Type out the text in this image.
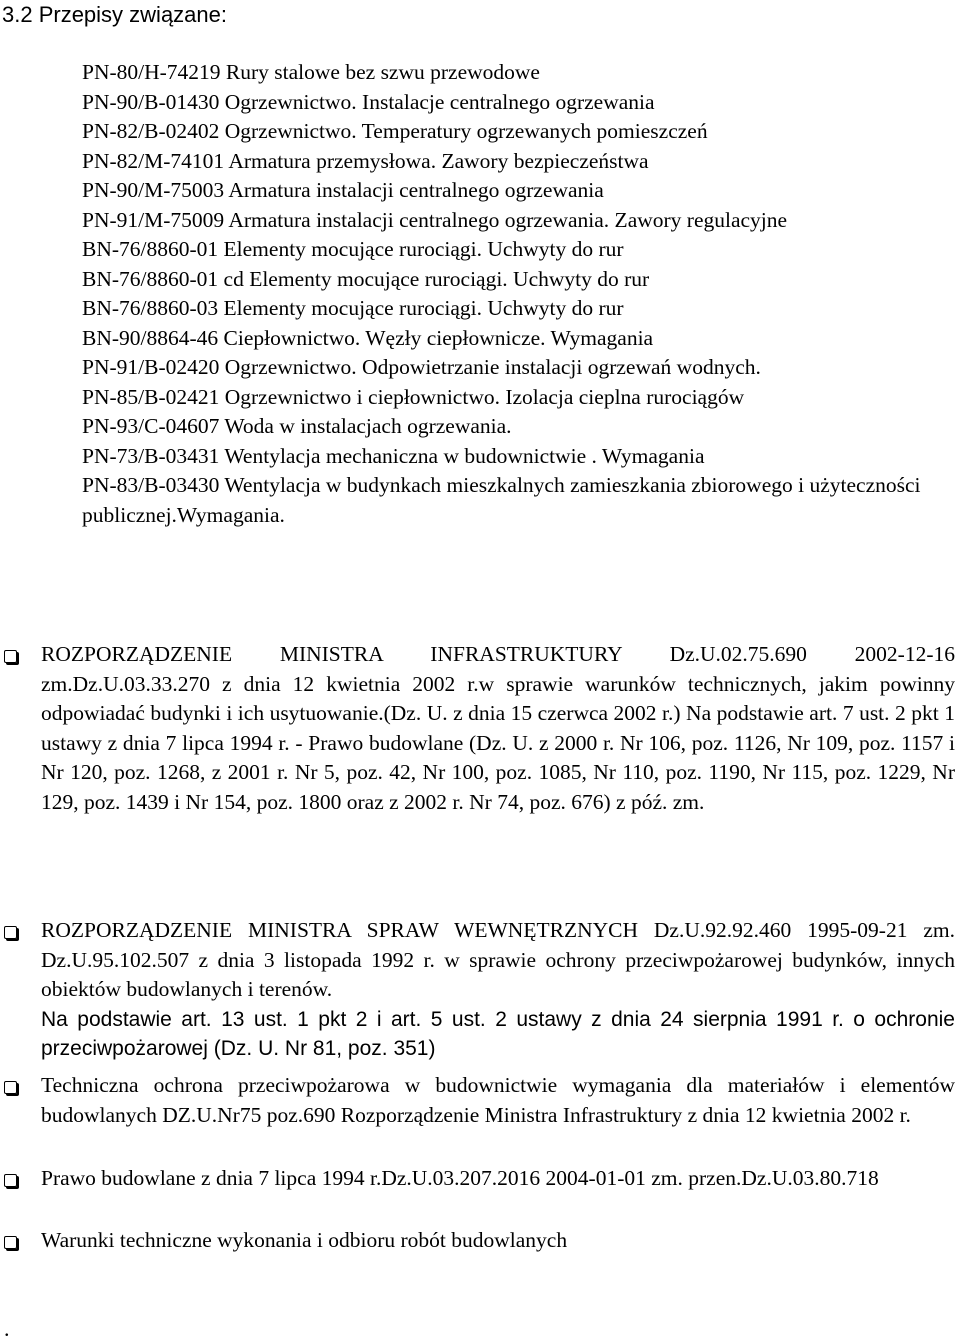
3.2 Przepisy związane:
PN-80/H-74219 Rury stalowe bez szwu przewodowe
PN-90/B-01430 Ogrzewnictwo. Instalacje centralnego ogrzewania
PN-82/B-02402 Ogrzewnictwo. Temperatury ogrzewanych pomieszczeń
PN-82/M-74101 Armatura przemysłowa. Zawory bezpieczeństwa
PN-90/M-75003 Armatura instalacji centralnego ogrzewania
PN-91/M-75009 Armatura instalacji centralnego ogrzewania. Zawory regulacyjne
BN-76/8860-01 Elementy mocujące rurociągi. Uchwyty do rur
BN-76/8860-01 cd Elementy mocujące rurociągi. Uchwyty do rur
BN-76/8860-03 Elementy mocujące rurociągi. Uchwyty do rur
BN-90/8864-46 Ciepłownictwo. Węzły ciepłownicze. Wymagania
PN-91/B-02420 Ogrzewnictwo. Odpowietrzanie instalacji ogrzewań wodnych.
PN-85/B-02421 Ogrzewnictwo i ciepłownictwo. Izolacja cieplna rurociągów
PN-93/C-04607 Woda w instalacjach ogrzewania.
PN-73/B-03431 Wentylacja mechaniczna w budownictwie . Wymagania
PN-83/B-03430 Wentylacja w budynkach mieszkalnych zamieszkania zbiorowego i użyteczności publicznej.Wymagania.
ROZPORZĄDZENIE MINISTRA INFRASTRUKTURY Dz.U.02.75.690 2002-12-16 zm.Dz.U.03.33.270 z dnia 12 kwietnia 2002 r.w sprawie warunków technicznych, jakim powinny odpowiadać budynki i ich usytuowanie.(Dz. U. z dnia 15 czerwca 2002 r.) Na podstawie art. 7 ust. 2 pkt 1 ustawy z dnia 7 lipca 1994 r. - Prawo budowlane (Dz. U. z 2000 r. Nr 106, poz. 1126, Nr 109, poz. 1157 i Nr 120, poz. 1268, z 2001 r. Nr 5, poz. 42, Nr 100, poz. 1085, Nr 110, poz. 1190, Nr 115, poz. 1229, Nr 129, poz. 1439 i Nr 154, poz. 1800 oraz z 2002 r. Nr 74, poz. 676) z póź. zm.
ROZPORZĄDZENIE MINISTRA SPRAW WEWNĘTRZNYCH Dz.U.92.92.460 1995-09-21 zm. Dz.U.95.102.507 z dnia 3 listopada 1992 r. w sprawie ochrony przeciwpożarowej budynków, innych obiektów budowlanych i terenów.
Na podstawie art. 13 ust. 1 pkt 2 i art. 5 ust. 2 ustawy z dnia 24 sierpnia 1991 r. o ochronie przeciwpożarowej (Dz. U. Nr 81, poz. 351)
Techniczna ochrona przeciwpożarowa w budownictwie wymagania dla materiałów i elementów budowlanych DZ.U.Nr75 poz.690 Rozporządzenie Ministra Infrastruktury z dnia 12 kwietnia 2002 r.
Prawo budowlane z dnia 7 lipca 1994 r.Dz.U.03.207.2016 2004-01-01 zm. przen.Dz.U.03.80.718
Warunki techniczne wykonania i odbioru robót budowlanych
.
